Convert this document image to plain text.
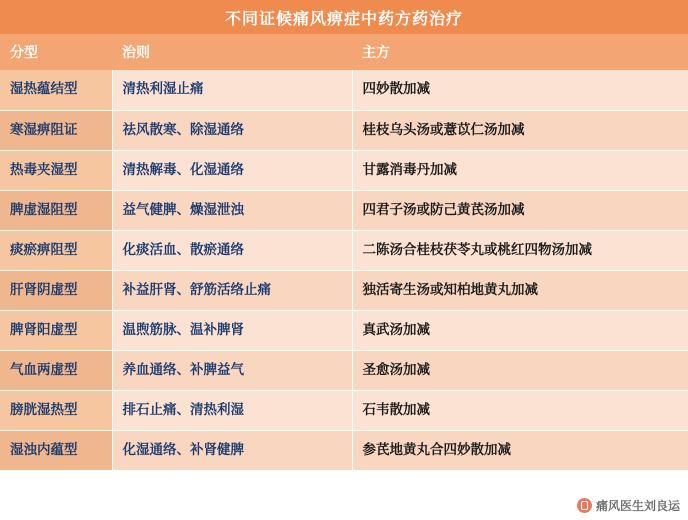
不同证候痛风痹症中药方药治疗
分型	治则	主方
湿热蕴结型	清热利湿止痛	四妙散加减
寒湿痹阻证	祛风散寒、除湿通络	桂枝乌头汤或薏苡仁汤加减
热毒夹湿型	清热解毒、化湿通络	甘露消毒丹加减
脾虚湿阻型	益气健脾、燥湿泄浊	四君子汤或防己黄芪汤加减
痰瘀痹阻型	化痰活血、散瘀通络	二陈汤合桂枝茯苓丸或桃红四物汤加减
肝肾阴虚型	补益肝肾、舒筋活络止痛	独活寄生汤或知柏地黄丸加减
脾肾阳虚型	温煦筋脉、温补脾肾	真武汤加减
气血两虚型	养血通络、补脾益气	圣愈汤加减
膀胱湿热型	排石止痛、清热利湿	石韦散加减
湿浊内蕴型	化湿通络、补肾健脾	参芪地黄丸合四妙散加减
痛风医生刘良运
